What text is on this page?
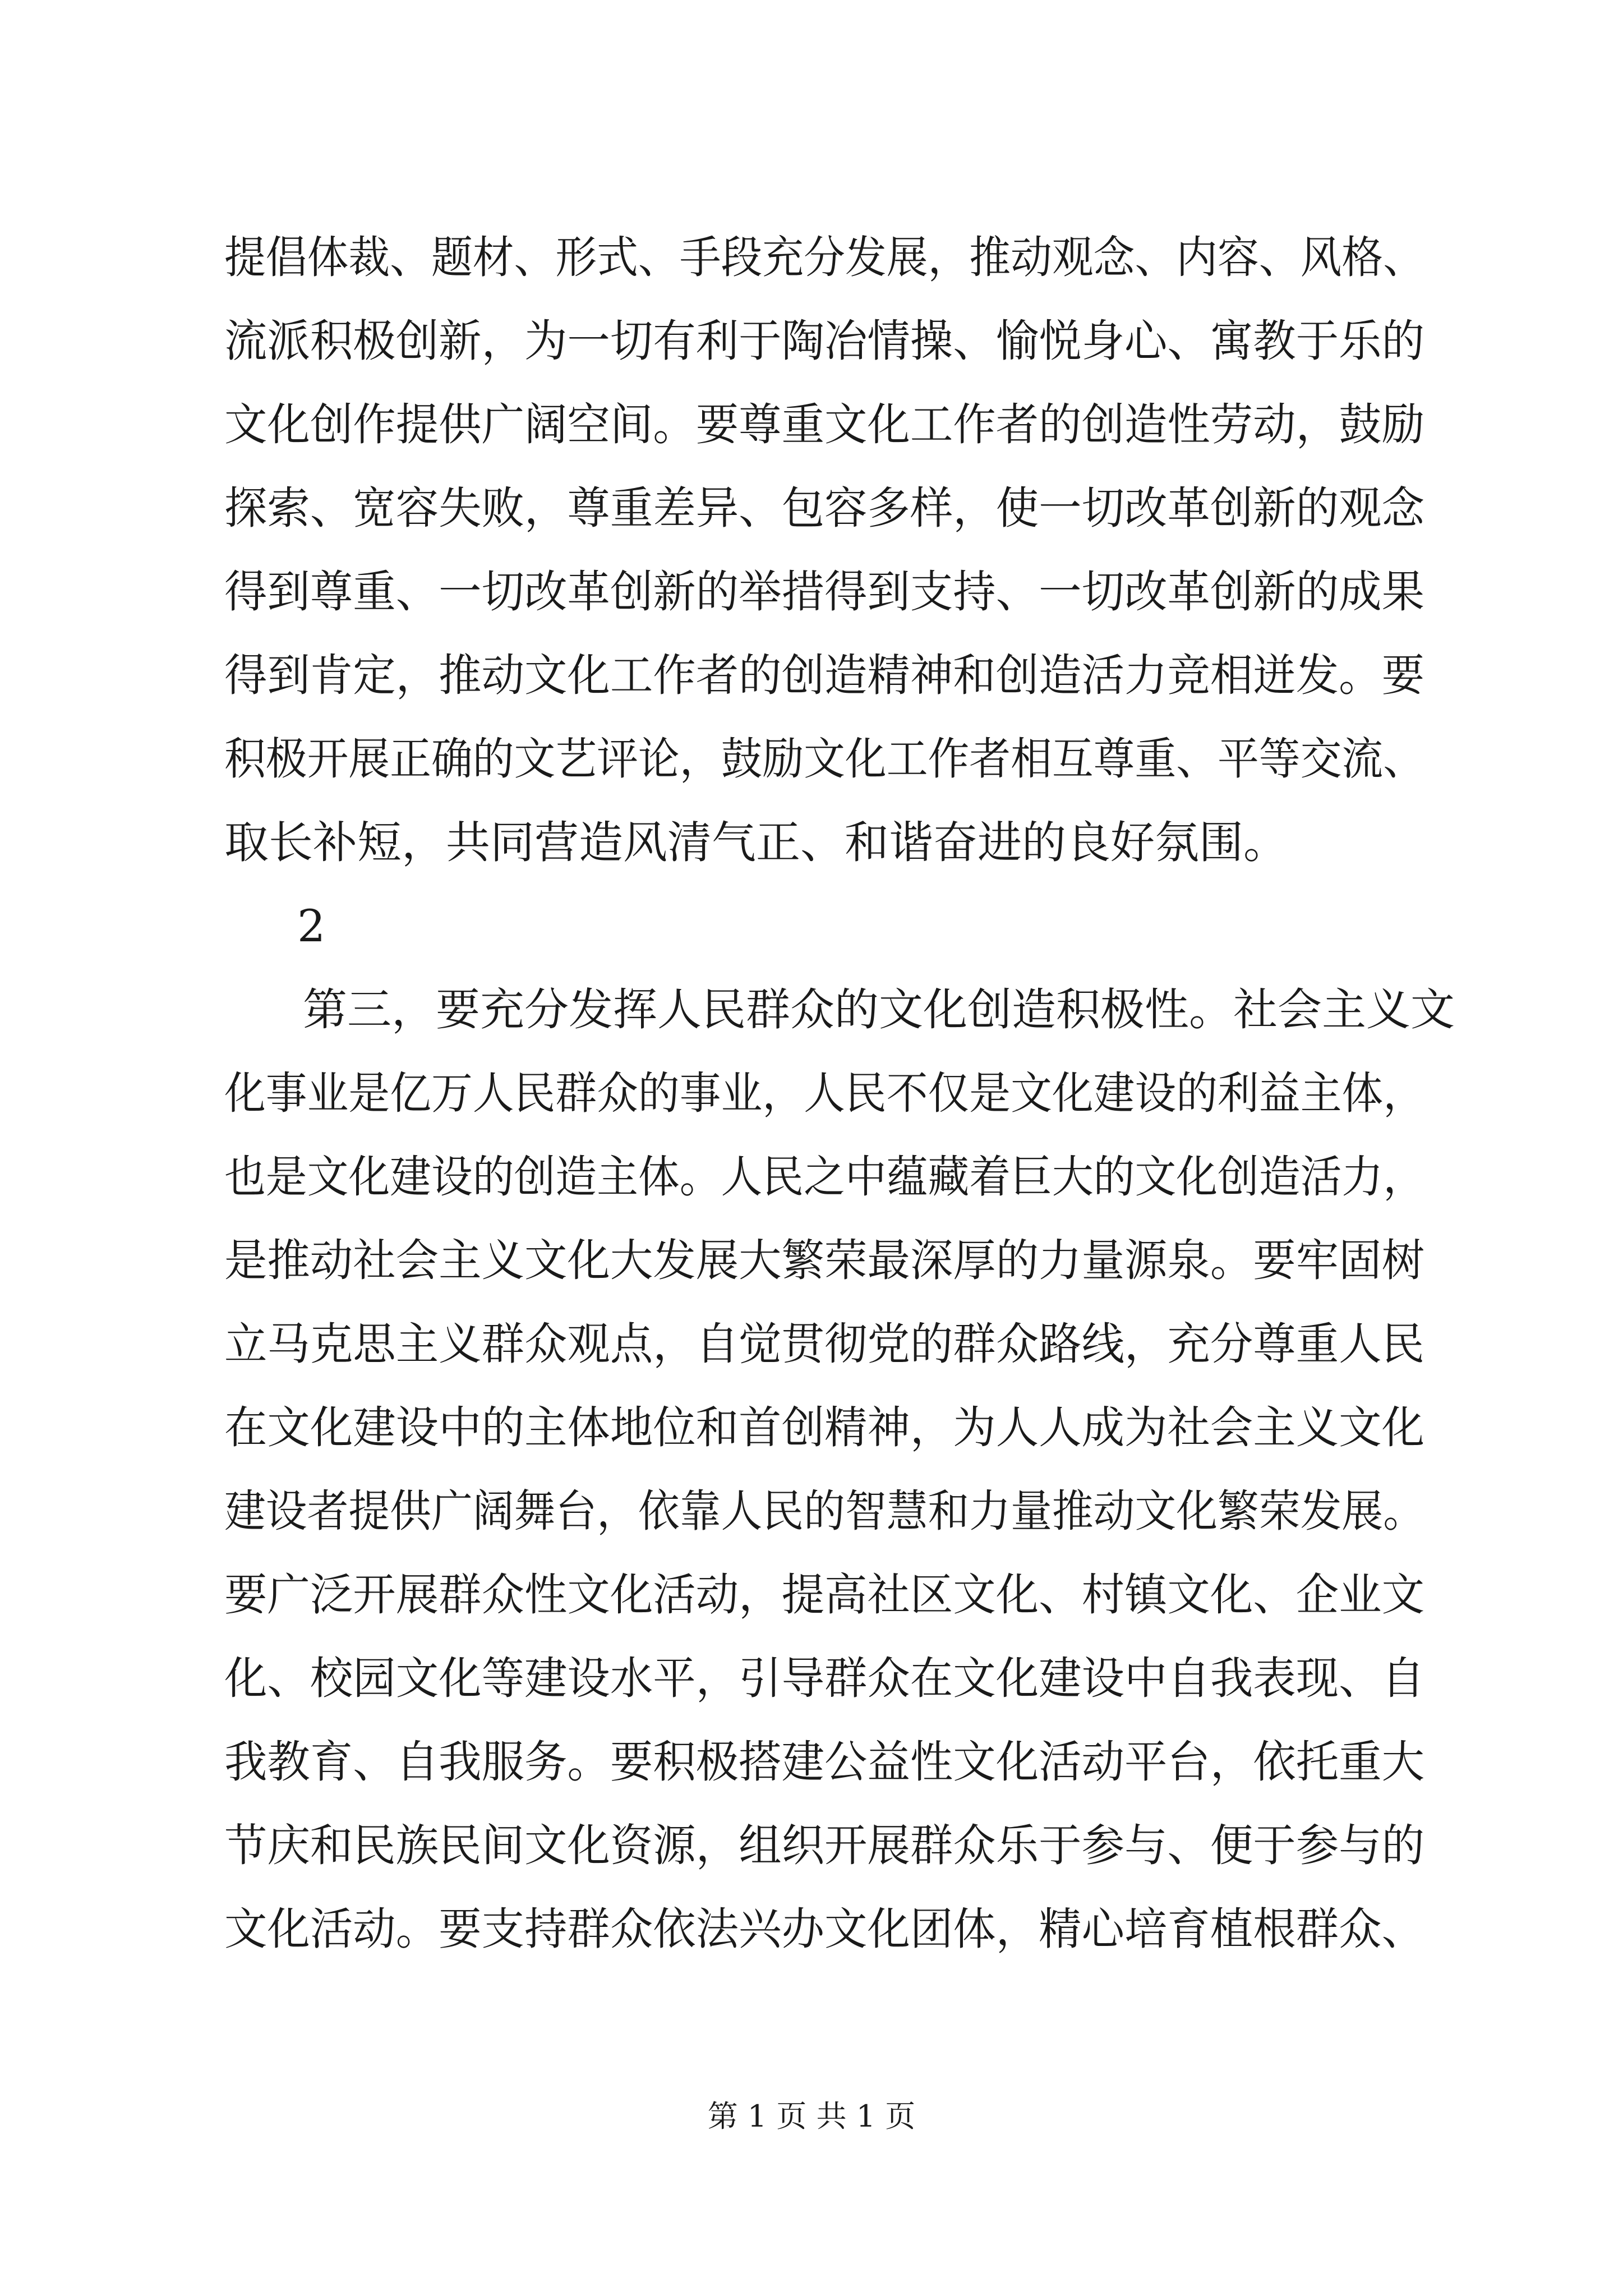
提倡体裁、题材、形式、手段充分发展，推动观念、内容、风格、
流派积极创新，为一切有利于陶冶情操、愉悦身心、寓教于乐的
文化创作提供广阔空间。要尊重文化工作者的创造性劳动，鼓励
探索、宽容失败，尊重差异、包容多样，使一切改革创新的观念
得到尊重、一切改革创新的举措得到支持、一切改革创新的成果
得到肯定，推动文化工作者的创造精神和创造活力竞相迸发。要
积极开展正确的文艺评论，鼓励文化工作者相互尊重、平等交流、
取长补短，共同营造风清气正、和谐奋进的良好氛围。
2
第三，要充分发挥人民群众的文化创造积极性。社会主义文
化事业是亿万人民群众的事业，人民不仅是文化建设的利益主体，
也是文化建设的创造主体。人民之中蕴藏着巨大的文化创造活力，
是推动社会主义文化大发展大繁荣最深厚的力量源泉。要牢固树
立马克思主义群众观点，自觉贯彻党的群众路线，充分尊重人民
在文化建设中的主体地位和首创精神，为人人成为社会主义文化
建设者提供广阔舞台，依靠人民的智慧和力量推动文化繁荣发展。
要广泛开展群众性文化活动，提高社区文化、村镇文化、企业文
化、校园文化等建设水平，引导群众在文化建设中自我表现、自
我教育、自我服务。要积极搭建公益性文化活动平台，依托重大
节庆和民族民间文化资源，组织开展群众乐于参与、便于参与的
文化活动。要支持群众依法兴办文化团体，精心培育植根群众、
第 1 页 共 1 页
